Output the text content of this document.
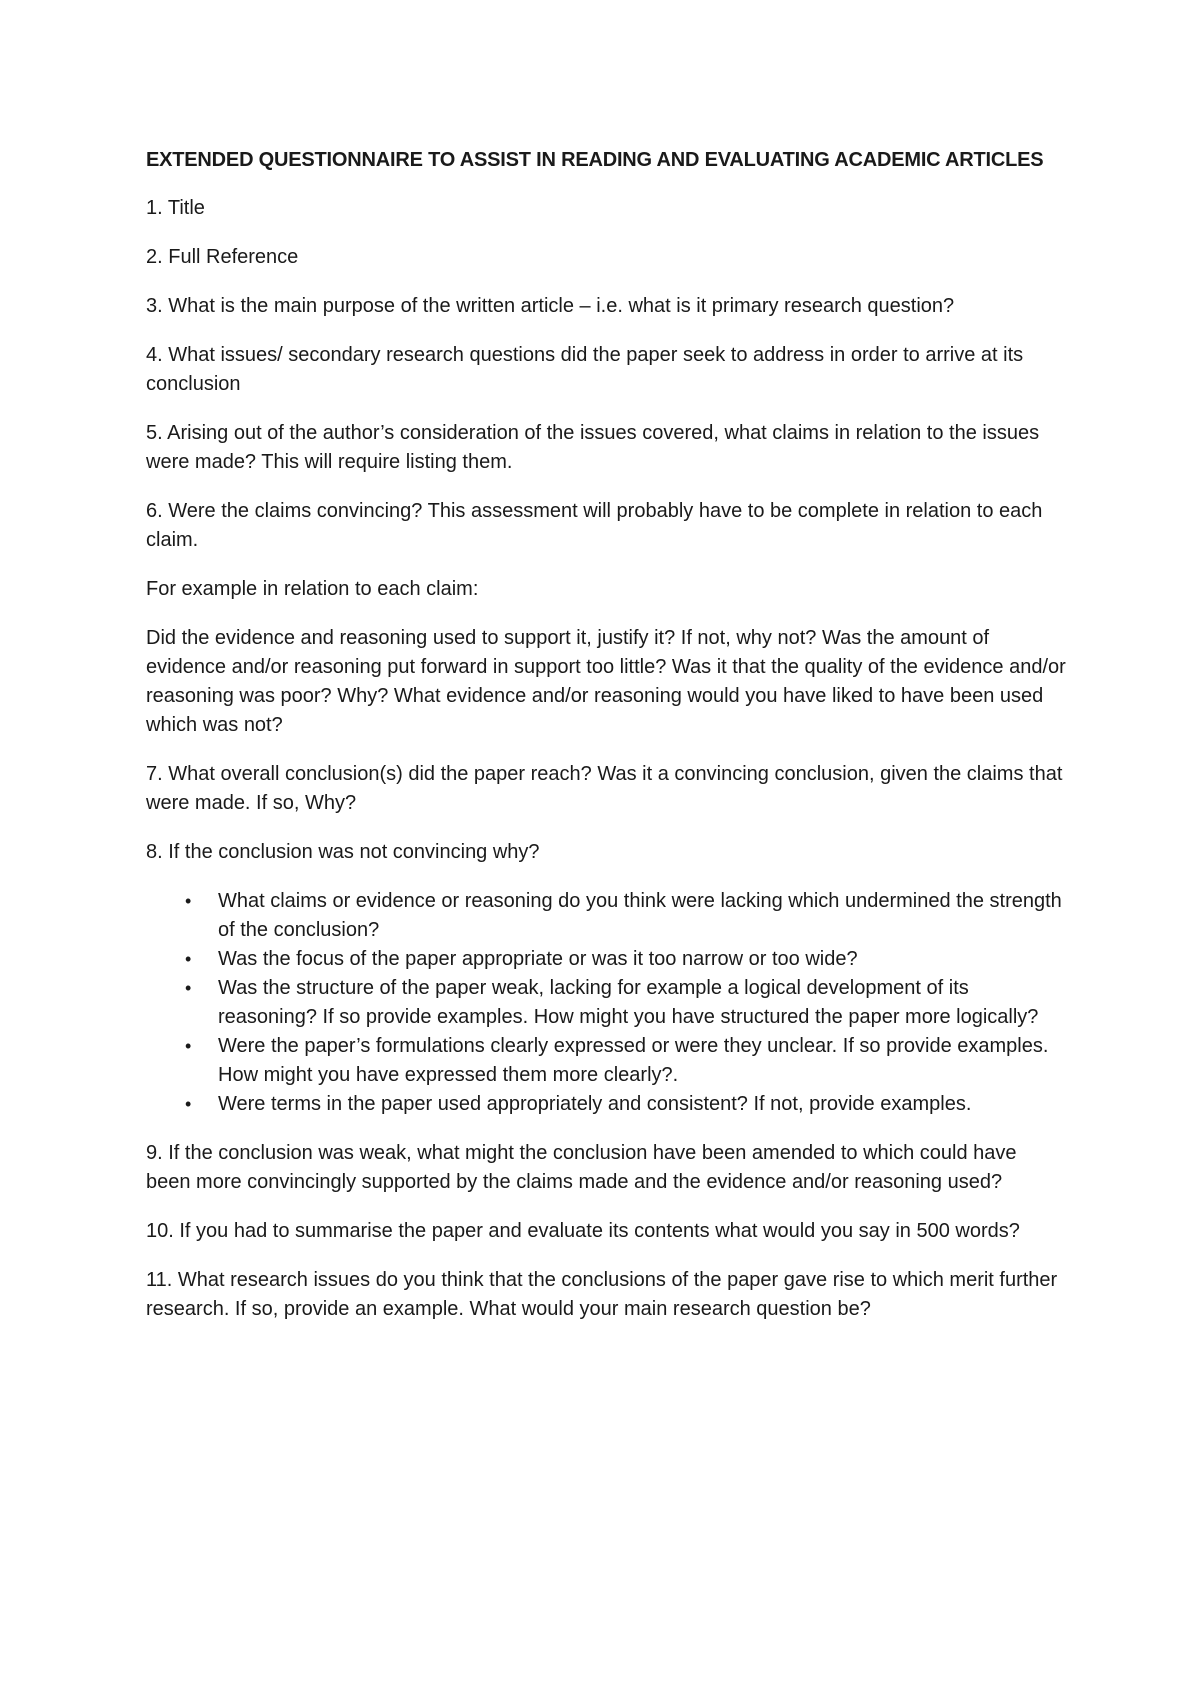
EXTENDED QUESTIONNAIRE TO ASSIST IN READING AND EVALUATING ACADEMIC ARTICLES

1. Title

2. Full Reference

3. What is the main purpose of the written article – i.e. what is it primary research question?

4. What issues/ secondary research questions did the paper seek to address in order to arrive at its conclusion

5. Arising out of the author’s consideration of the issues covered, what claims in relation to the issues were made? This will require listing them.

6. Were the claims convincing? This assessment will probably have to be complete in relation to each claim.

For example in relation to each claim:

Did the evidence and reasoning used to support it, justify it? If not, why not? Was the amount of evidence and/or reasoning put forward in support too little? Was it that the quality of the evidence and/or reasoning was poor? Why? What evidence and/or reasoning would you have liked to have been used which was not?

7. What overall conclusion(s) did the paper reach? Was it a convincing conclusion, given the claims that were made. If so, Why?

8. If the conclusion was not convincing why?

• What claims or evidence or reasoning do you think were lacking which undermined the strength of the conclusion?
• Was the focus of the paper appropriate or was it too narrow or too wide?
• Was the structure of the paper weak, lacking for example a logical development of its reasoning? If so provide examples. How might you have structured the paper more logically?
• Were the paper’s formulations clearly expressed or were they unclear. If so provide examples. How might you have expressed them more clearly?.
• Were terms in the paper used appropriately and consistent? If not, provide examples.

9. If the conclusion was weak, what might the conclusion have been amended to which could have been more convincingly supported by the claims made and the evidence and/or reasoning used?

10. If you had to summarise the paper and evaluate its contents what would you say in 500 words?

11. What research issues do you think that the conclusions of the paper gave rise to which merit further research. If so, provide an example. What would your main research question be?
